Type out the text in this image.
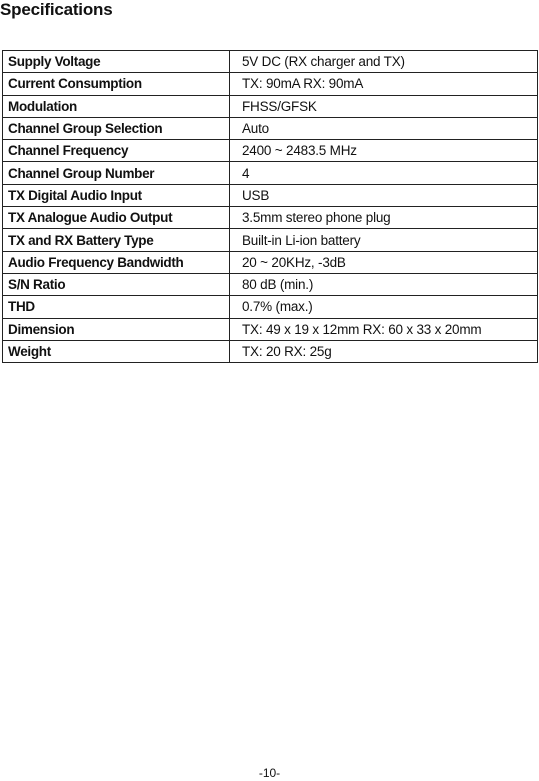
Specifications
Supply Voltage	5V DC (RX charger and TX)
Current Consumption	TX: 90mA RX: 90mA
Modulation	FHSS/GFSK
Channel Group Selection	Auto
Channel Frequency	2400 ~ 2483.5 MHz
Channel Group Number	4
TX Digital Audio Input	USB
TX Analogue Audio Output	3.5mm stereo phone plug
TX and RX Battery Type	Built-in Li-ion battery
Audio Frequency Bandwidth	20 ~ 20KHz, -3dB
S/N Ratio	80 dB (min.)
THD	0.7% (max.)
Dimension	TX: 49 x 19 x 12mm RX: 60 x 33 x 20mm
Weight	TX: 20 RX: 25g
-10-
